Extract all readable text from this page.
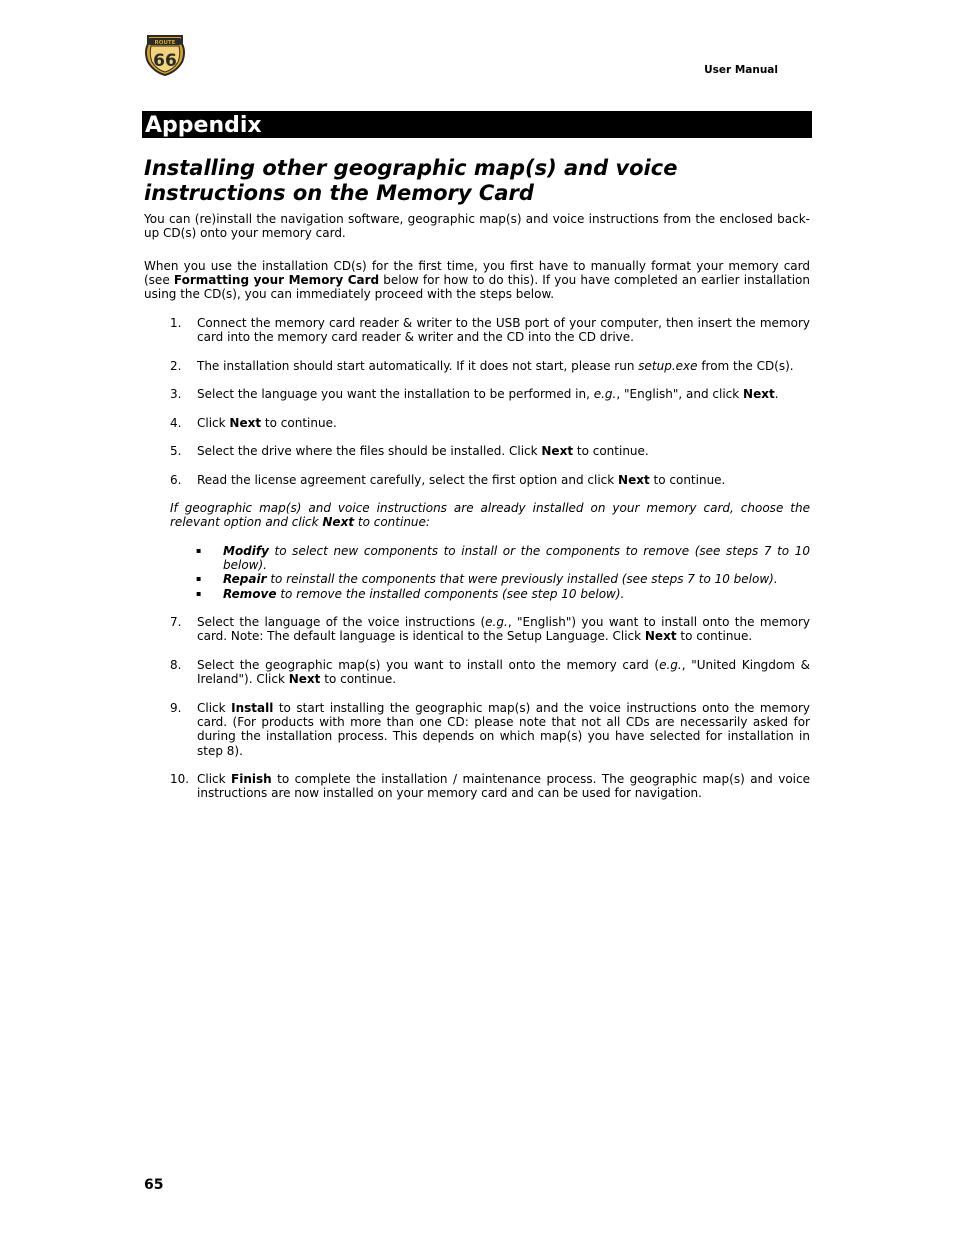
ROUTE
66	User Manual
Appendix
Installing other geographic map(s) and voice
instructions on the Memory Card

You can (re)install the navigation software, geographic map(s) and voice instructions from the enclosed back-up CD(s) onto your memory card.

When you use the installation CD(s) for the first time, you first have to manually format your memory card (see Formatting your Memory Card below for how to do this). If you have completed an earlier installation using the CD(s), you can immediately proceed with the steps below.

1.	Connect the memory card reader & writer to the USB port of your computer, then insert the memory card into the memory card reader & writer and the CD into the CD drive.
2.	The installation should start automatically. If it does not start, please run setup.exe from the CD(s).
3.	Select the language you want the installation to be performed in, e.g., "English", and click Next.
4.	Click Next to continue.
5.	Select the drive where the files should be installed. Click Next to continue.
6.	Read the license agreement carefully, select the first option and click Next to continue.

If geographic map(s) and voice instructions are already installed on your memory card, choose the relevant option and click Next to continue:

▪ Modify to select new components to install or the components to remove (see steps 7 to 10 below).
▪ Repair to reinstall the components that were previously installed (see steps 7 to 10 below).
▪ Remove to remove the installed components (see step 10 below).
7.	Select the language of the voice instructions (e.g., "English") you want to install onto the memory card. Note: The default language is identical to the Setup Language. Click Next to continue.
8.	Select the geographic map(s) you want to install onto the memory card (e.g., "United Kingdom & Ireland"). Click Next to continue.
9.	Click Install to start installing the geographic map(s) and the voice instructions onto the memory card. (For products with more than one CD: please note that not all CDs are necessarily asked for during the installation process. This depends on which map(s) you have selected for installation in step 8).
10. Click Finish to complete the installation / maintenance process. The geographic map(s) and voice instructions are now installed on your memory card and can be used for navigation.
65
